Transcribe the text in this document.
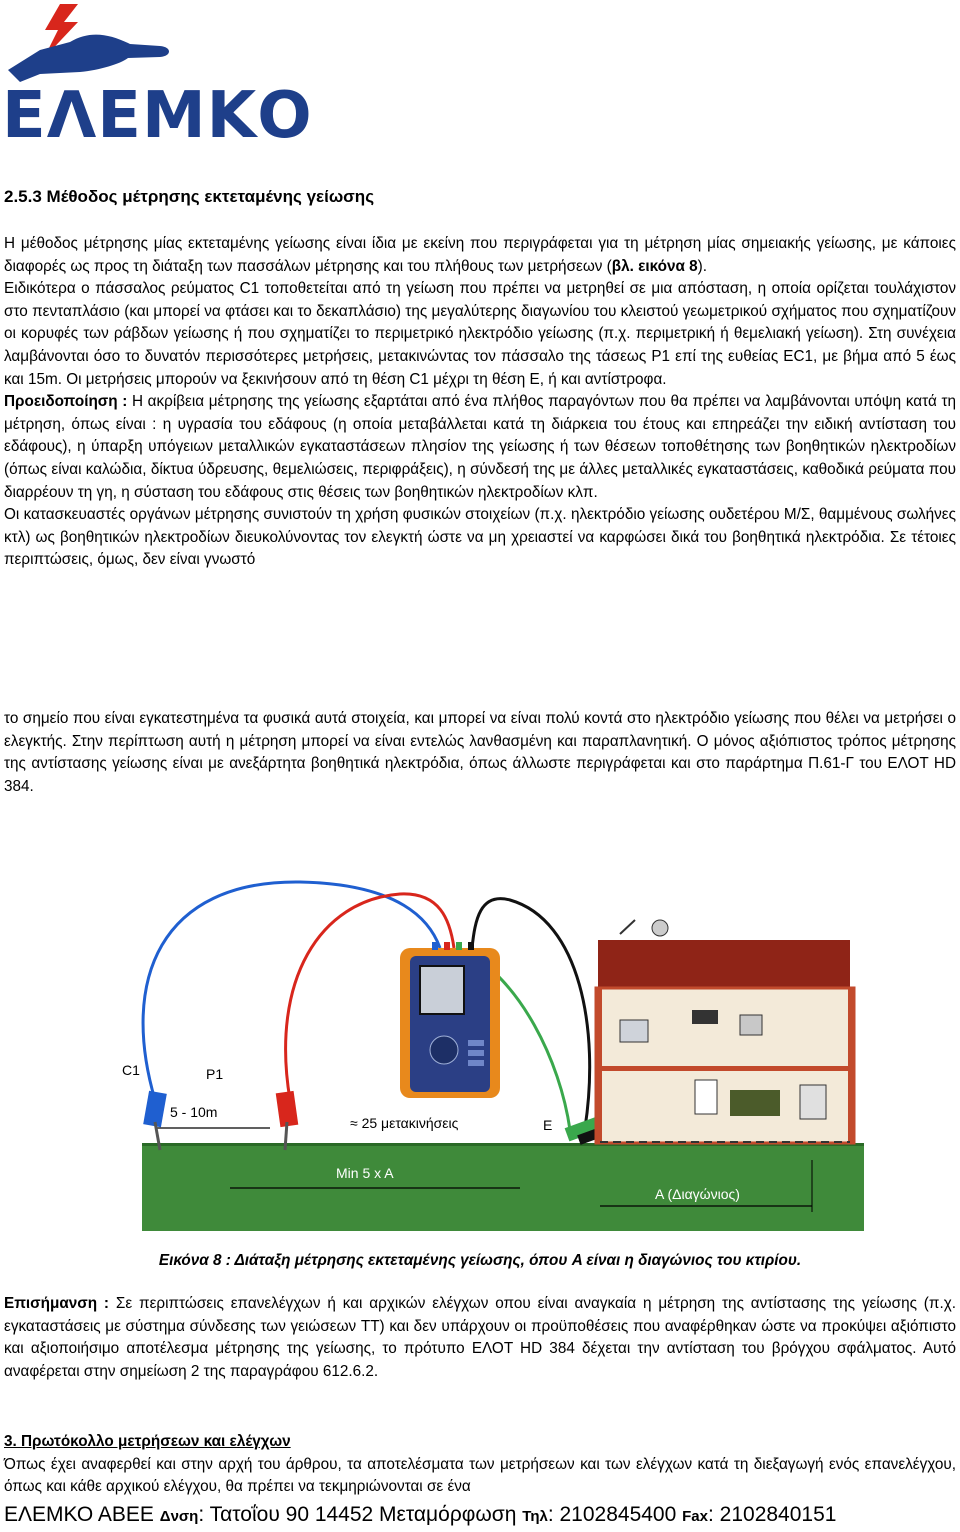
ΕΛΕΜΚΟ
2.5.3 Μέθοδος μέτρησης εκτεταμένης γείωσης
Η μέθοδος μέτρησης μίας εκτεταμένης γείωσης είναι ίδια με εκείνη που περιγράφεται για τη μέτρηση μίας σημειακής γείωσης, με κάποιες διαφορές ως προς τη διάταξη των πασσάλων μέτρησης και του πλήθους των μετρήσεων (βλ. εικόνα 8).
Ειδικότερα ο πάσσαλος ρεύματος C1 τοποθετείται από τη γείωση που πρέπει να μετρηθεί σε μια απόσταση, η οποία ορίζεται τουλάχιστον στο πενταπλάσιο (και μπορεί να φτάσει και το δεκαπλάσιο) της μεγαλύτερης διαγωνίου του κλειστού γεωμετρικού σχήματος που σχηματίζουν οι κορυφές των ράβδων γείωσης ή που σχηματίζει το περιμετρικό ηλεκτρόδιο γείωσης (π.χ. περιμετρική ή θεμελιακή γείωση). Στη συνέχεια λαμβάνονται όσο το δυνατόν περισσότερες μετρήσεις, μετακινώντας τον πάσσαλο της τάσεως P1 επί της ευθείας EC1, με βήμα από 5 έως και 15m. Οι μετρήσεις μπορούν να ξεκινήσουν από τη θέση C1 μέχρι τη θέση E, ή και αντίστροφα.
Προειδοποίηση : Η ακρίβεια μέτρησης της γείωσης εξαρτάται από ένα πλήθος παραγόντων που θα πρέπει να λαμβάνονται υπόψη κατά τη μέτρηση, όπως είναι : η υγρασία του εδάφους (η οποία μεταβάλλεται κατά τη διάρκεια του έτους και επηρεάζει την ειδική αντίσταση του εδάφους), η ύπαρξη υπόγειων μεταλλικών εγκαταστάσεων πλησίον της γείωσης ή των θέσεων τοποθέτησης των βοηθητικών ηλεκτροδίων (όπως είναι καλώδια, δίκτυα ύδρευσης, θεμελιώσεις, περιφράξεις), η σύνδεσή της με άλλες μεταλλικές εγκαταστάσεις, καθοδικά ρεύματα που διαρρέουν τη γη, η σύσταση του εδάφους στις θέσεις των βοηθητικών ηλεκτροδίων κλπ.
Οι κατασκευαστές οργάνων μέτρησης συνιστούν τη χρήση φυσικών στοιχείων (π.χ. ηλεκτρόδιο γείωσης ουδετέρου Μ/Σ, θαμμένους σωλήνες κτλ) ως βοηθητικών ηλεκτροδίων διευκολύνοντας τον ελεγκτή ώστε να μη χρειαστεί να καρφώσει δικά του βοηθητικά ηλεκτρόδια. Σε τέτοιες περιπτώσεις, όμως, δεν είναι γνωστό
το σημείο που είναι εγκατεστημένα τα φυσικά αυτά στοιχεία, και μπορεί να είναι πολύ κοντά στο ηλεκτρόδιο γείωσης που θέλει να μετρήσει ο ελεγκτής. Στην περίπτωση αυτή η μέτρηση μπορεί να είναι εντελώς λανθασμένη και παραπλανητική. Ο μόνος αξιόπιστος τρόπος μέτρησης της αντίστασης γείωσης είναι με ανεξάρτητα βοηθητικά ηλεκτρόδια, όπως άλλωστε περιγράφεται και στο παράρτημα Π.61-Γ του ΕΛΟΤ HD 384.
C1	P1
5 - 10m
≈ 25 μετακινήσεις	E
Min 5 x A
A (Διαγώνιος)
Εικόνα 8 : Διάταξη μέτρησης εκτεταμένης γείωσης, όπου A είναι η διαγώνιος του κτιρίου.
Επισήμανση : Σε περιπτώσεις επανελέγχων ή και αρχικών ελέγχων οπου είναι αναγκαία η μέτρηση της αντίστασης της γείωσης (π.χ. εγκαταστάσεις με σύστημα σύνδεσης των γειώσεων TT) και δεν υπάρχουν οι προϋποθέσεις που αναφέρθηκαν ώστε να προκύψει αξιόπιστο και αξιοποιήσιμο αποτέλεσμα μέτρησης της γείωσης, το πρότυπο ΕΛΟΤ HD 384 δέχεται την αντίσταση του βρόγχου σφάλματος. Αυτό αναφέρεται στην σημείωση 2 της παραγράφου 612.6.2.
3. Πρωτόκολλο μετρήσεων και ελέγχων
Όπως έχει αναφερθεί και στην αρχή του άρθρου, τα αποτελέσματα των μετρήσεων και των ελέγχων κατά τη διεξαγωγή ενός επανελέγχου, όπως και κάθε αρχικού ελέγχου, θα πρέπει να τεκμηριώνονται σε ένα
ΕΛΕΜΚΟ ΑΒΕΕ Δνση: Τατοΐου 90 14452 Μεταμόρφωση Τηλ: 2102845400 Fax: 2102840151
